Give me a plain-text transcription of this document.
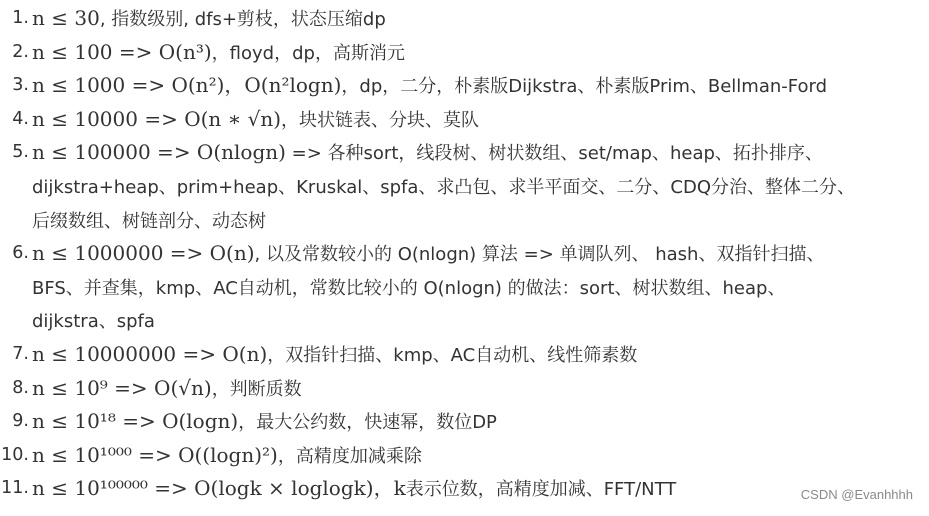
1. n ≤ 30, 指数级别, dfs+剪枝，状态压缩dp
2. n ≤ 100 => O(n³)，floyd，dp，高斯消元
3. n ≤ 1000 => O(n²)，O(n²logn)，dp，二分，朴素版Dijkstra、朴素版Prim、Bellman-Ford
4. n ≤ 10000 => O(n ∗ √n)，块状链表、分块、莫队
5. n ≤ 100000 => O(nlogn) => 各种sort，线段树、树状数组、set/map、heap、拓扑排序、
dijkstra+heap、prim+heap、Kruskal、spfa、求凸包、求半平面交、二分、CDQ分治、整体二分、
后缀数组、树链剖分、动态树
6. n ≤ 1000000 => O(n), 以及常数较小的 O(nlogn) 算法 => 单调队列、 hash、双指针扫描、
BFS、并查集，kmp、AC自动机，常数比较小的 O(nlogn) 的做法：sort、树状数组、heap、
dijkstra、spfa
7. n ≤ 10000000 => O(n)，双指针扫描、kmp、AC自动机、线性筛素数
8. n ≤ 10⁹ => O(√n)，判断质数
9. n ≤ 10¹⁸ => O(logn)，最大公约数，快速幂，数位DP
10. n ≤ 10¹⁰⁰⁰ => O((logn)²)，高精度加减乘除
11. n ≤ 10¹⁰⁰⁰⁰⁰ => O(logk × loglogk)，k表示位数，高精度加减、FFT/NTT	CSDN @Evanhhhh
